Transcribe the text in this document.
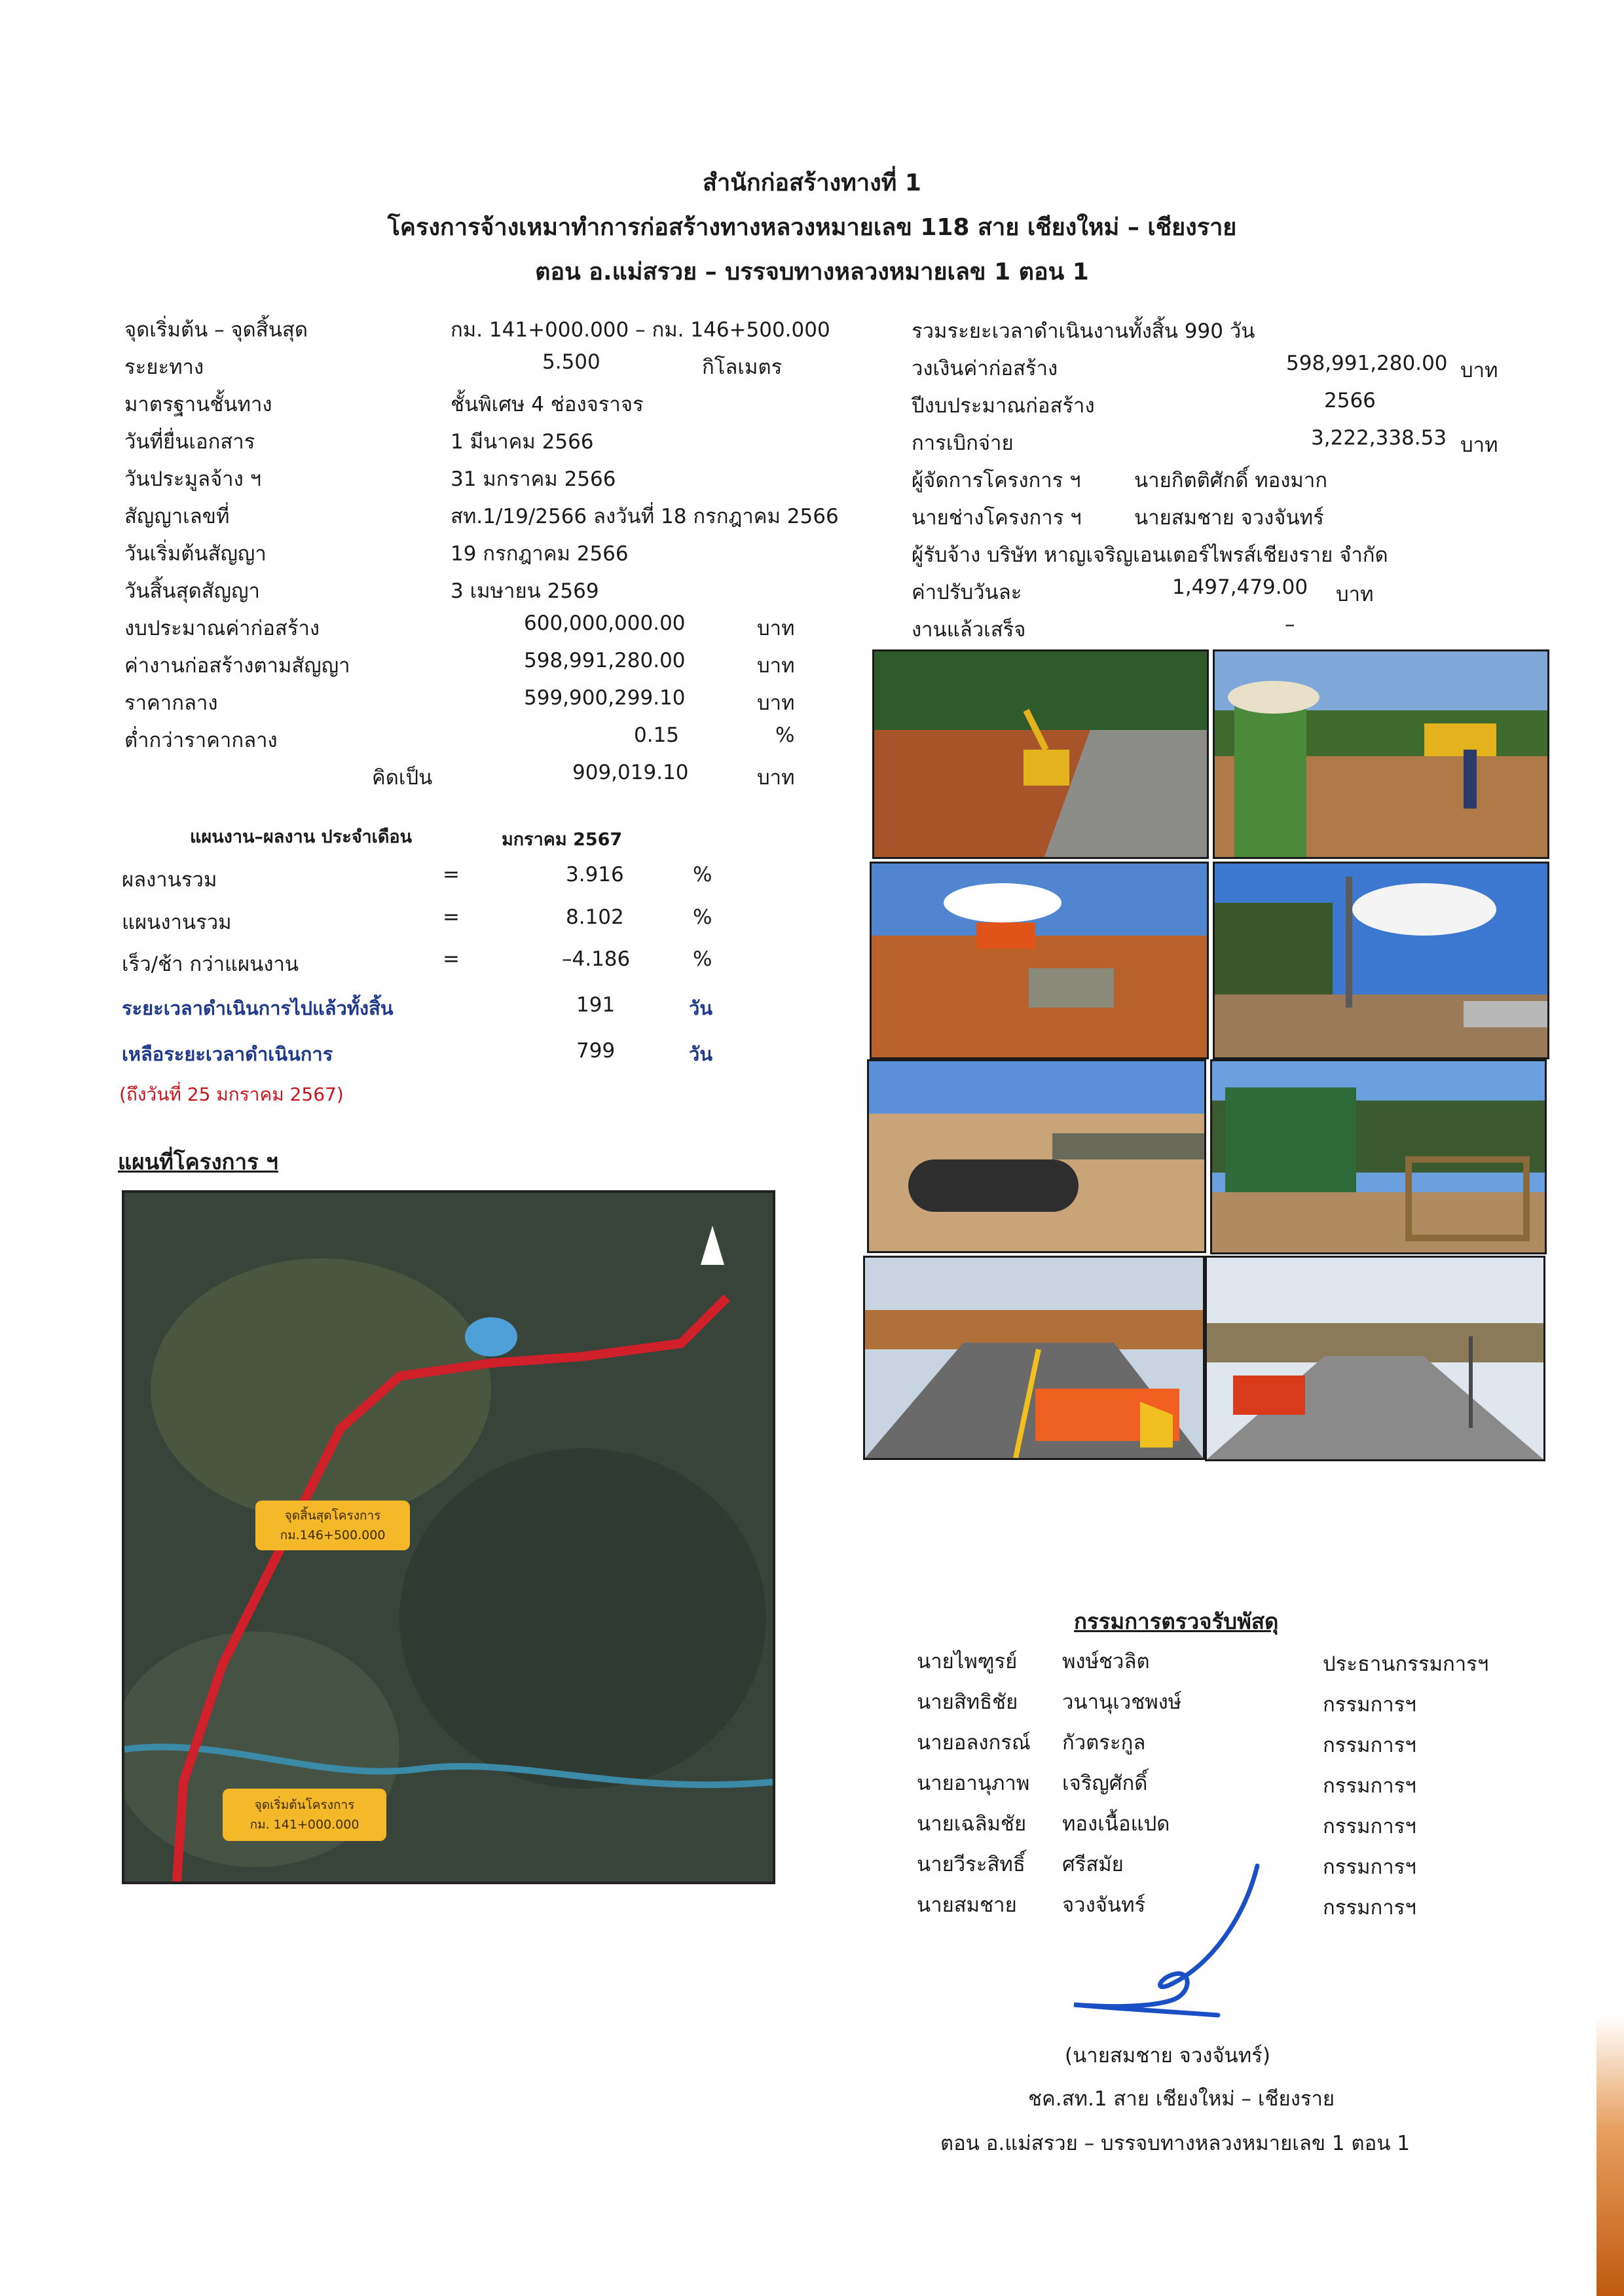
สำนักก่อสร้างทางที่ 1
โครงการจ้างเหมาทำการก่อสร้างทางหลวงหมายเลข 118 สาย เชียงใหม่ – เชียงราย
ตอน อ.แม่สรวย – บรรจบทางหลวงหมายเลข 1 ตอน 1
จุดเริ่มต้น – จุดสิ้นสุด	กม. 141+000.000 – กม. 146+500.000
ระยะทาง	5.500	กิโลเมตร
มาตรฐานชั้นทาง	ชั้นพิเศษ 4 ช่องจราจร
วันที่ยื่นเอกสาร	1 มีนาคม 2566
วันประมูลจ้าง ฯ	31 มกราคม 2566
สัญญาเลขที่	สท.1/19/2566 ลงวันที่ 18 กรกฎาคม 2566
วันเริ่มต้นสัญญา	19 กรกฎาคม 2566
วันสิ้นสุดสัญญา	3 เมษายน 2569
งบประมาณค่าก่อสร้าง	600,000,000.00	บาท
ค่างานก่อสร้างตามสัญญา	598,991,280.00	บาท
ราคากลาง	599,900,299.10	บาท
ต่ำกว่าราคากลาง	0.15	%
คิดเป็น	909,019.10	บาท
แผนงาน–ผลงาน ประจำเดือน	มกราคม 2567
ผลงานรวม	=	3.916	%
แผนงานรวม	=	8.102	%
เร็ว/ช้า กว่าแผนงาน	=	–4.186	%
ระยะเวลาดำเนินการไปแล้วทั้งสิ้น	191	วัน
เหลือระยะเวลาดำเนินการ	799	วัน
(ถึงวันที่ 25 มกราคม 2567)
รวมระยะเวลาดำเนินงานทั้งสิ้น 990 วัน
วงเงินค่าก่อสร้าง	598,991,280.00 บาท
ปีงบประมาณก่อสร้าง	2566
การเบิกจ่าย	3,222,338.53 บาท
ผู้จัดการโครงการ ฯ	นายกิตติศักดิ์ ทองมาก
นายช่างโครงการ ฯ	นายสมชาย จวงจันทร์
ผู้รับจ้าง บริษัท หาญเจริญเอนเตอร์ไพรส์เชียงราย จำกัด
ค่าปรับวันละ	1,497,479.00 บาท
งานแล้วเสร็จ	–
แผนที่โครงการ ฯ
จุดสิ้นสุดโครงการ
กม.146+500.000
จุดเริ่มต้นโครงการ
กม. 141+000.000
กรรมการตรวจรับพัสดุ
นายไพฑูรย์ พงษ์ชวลิต	ประธานกรรมการฯ
นายสิทธิชัย วนานุเวชพงษ์	กรรมการฯ
นายอลงกรณ์ กัวตระกูล	กรรมการฯ
นายอานุภาพ เจริญศักดิ์	กรรมการฯ
นายเฉลิมชัย ทองเนื้อแปด	กรรมการฯ
นายวีระสิทธิ์ ศรีสมัย	กรรมการฯ
นายสมชาย จวงจันทร์	กรรมการฯ
(นายสมชาย จวงจันทร์)
ชค.สท.1 สาย เชียงใหม่ – เชียงราย
ตอน อ.แม่สรวย – บรรจบทางหลวงหมายเลข 1 ตอน 1
